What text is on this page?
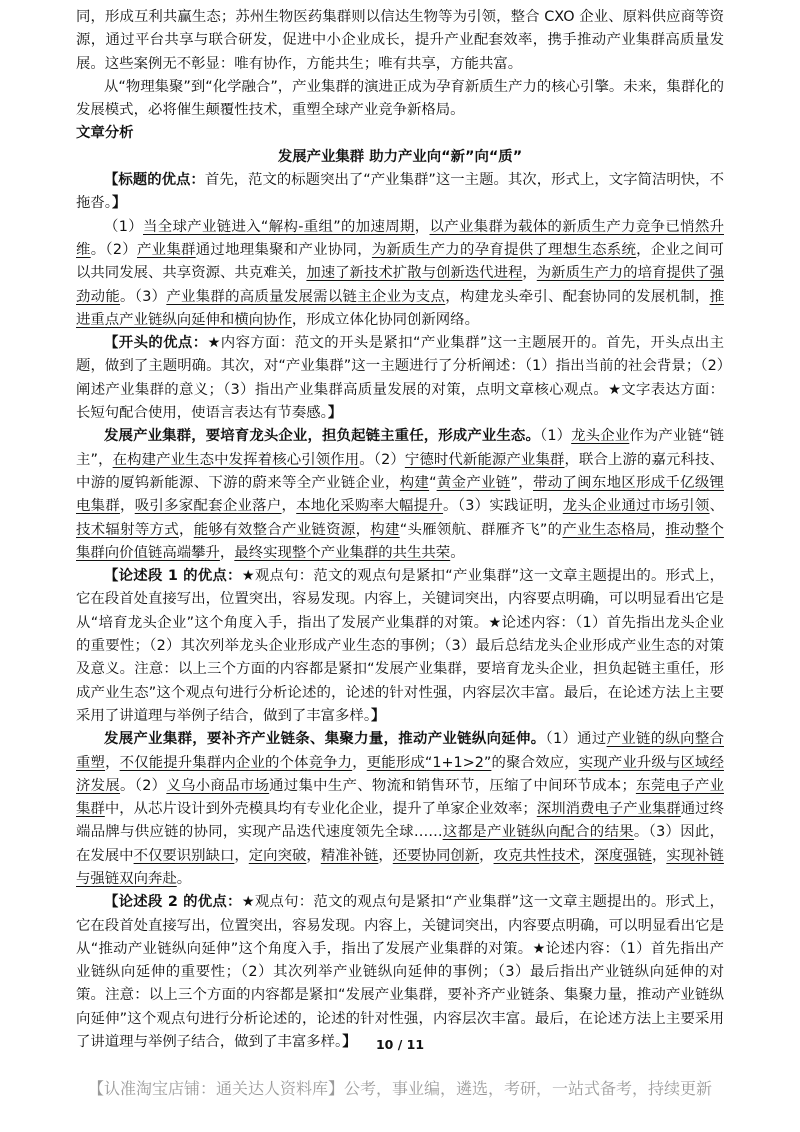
同，形成互利共赢生态；苏州生物医药集群则以信达生物等为引领，整合 CXO 企业、原料供应商等资源，通过平台共享与联合研发，促进中小企业成长，提升产业配套效率，携手推动产业集群高质量发展。这些案例无不彰显：唯有协作，方能共生；唯有共享，方能共富。

从“物理集聚”到“化学融合”，产业集群的演进正成为孕育新质生产力的核心引擎。未来，集群化的发展模式，必将催生颠覆性技术，重塑全球产业竞争新格局。

文章分析

发展产业集群 助力产业向“新”向“质”

【标题的优点：首先，范文的标题突出了“产业集群”这一主题。其次，形式上，文字简洁明快，不拖沓。】

（1）当全球产业链进入“解构-重组”的加速周期，以产业集群为载体的新质生产力竞争已悄然升维。（2）产业集群通过地理集聚和产业协同，为新质生产力的孕育提供了理想生态系统，企业之间可以共同发展、共享资源、共克难关，加速了新技术扩散与创新迭代进程，为新质生产力的培育提供了强劲动能。（3）产业集群的高质量发展需以链主企业为支点，构建龙头牵引、配套协同的发展机制，推进重点产业链纵向延伸和横向协作，形成立体化协同创新网络。

【开头的优点：★内容方面：范文的开头是紧扣“产业集群”这一主题展开的。首先，开头点出主题，做到了主题明确。其次，对“产业集群”这一主题进行了分析阐述：（1）指出当前的社会背景；（2）阐述产业集群的意义；（3）指出产业集群高质量发展的对策，点明文章核心观点。★文字表达方面：长短句配合使用，使语言表达有节奏感。】

发展产业集群，要培育龙头企业，担负起链主重任，形成产业生态。（1）龙头企业作为产业链“链主”，在构建产业生态中发挥着核心引领作用。（2）宁德时代新能源产业集群，联合上游的嘉元科技、中游的厦钨新能源、下游的蔚来等全产业链企业，构建“黄金产业链”，带动了闽东地区形成千亿级锂电集群，吸引多家配套企业落户，本地化采购率大幅提升。（3）实践证明，龙头企业通过市场引领、技术辐射等方式，能够有效整合产业链资源，构建“头雁领航、群雁齐飞”的产业生态格局，推动整个集群向价值链高端攀升，最终实现整个产业集群的共生共荣。

【论述段 1 的优点：★观点句：范文的观点句是紧扣“产业集群”这一文章主题提出的。形式上，它在段首处直接写出，位置突出，容易发现。内容上，关键词突出，内容要点明确，可以明显看出它是从“培育龙头企业”这个角度入手，指出了发展产业集群的对策。★论述内容：（1）首先指出龙头企业的重要性；（2）其次列举龙头企业形成产业生态的事例；（3）最后总结龙头企业形成产业生态的对策及意义。注意：以上三个方面的内容都是紧扣“发展产业集群，要培育龙头企业，担负起链主重任，形成产业生态”这个观点句进行分析论述的，论述的针对性强，内容层次丰富。最后，在论述方法上主要采用了讲道理与举例子结合，做到了丰富多样。】

发展产业集群，要补齐产业链条、集聚力量，推动产业链纵向延伸。（1）通过产业链的纵向整合重塑，不仅能提升集群内企业的个体竞争力，更能形成“1+1>2”的聚合效应，实现产业升级与区域经济发展。（2）义乌小商品市场通过集中生产、物流和销售环节，压缩了中间环节成本；东莞电子产业集群中，从芯片设计到外壳模具均有专业化企业，提升了单家企业效率；深圳消费电子产业集群通过终端品牌与供应链的协同，实现产品迭代速度领先全球……这都是产业链纵向配合的结果。（3）因此，在发展中不仅要识别缺口，定向突破，精准补链，还要协同创新，攻克共性技术，深度强链，实现补链与强链双向奔赴。

【论述段 2 的优点：★观点句：范文的观点句是紧扣“产业集群”这一文章主题提出的。形式上，它在段首处直接写出，位置突出，容易发现。内容上，关键词突出，内容要点明确，可以明显看出它是从“推动产业链纵向延伸”这个角度入手，指出了发展产业集群的对策。★论述内容：（1）首先指出产业链纵向延伸的重要性；（2）其次列举产业链纵向延伸的事例；（3）最后指出产业链纵向延伸的对策。注意：以上三个方面的内容都是紧扣“发展产业集群，要补齐产业链条、集聚力量，推动产业链纵向延伸”这个观点句进行分析论述的，论述的针对性强，内容层次丰富。最后，在论述方法上主要采用了讲道理与举例子结合，做到了丰富多样。】	10 / 11
【认准淘宝店铺：通关达人资料库】公考，事业编，遴选，考研，一站式备考，持续更新
